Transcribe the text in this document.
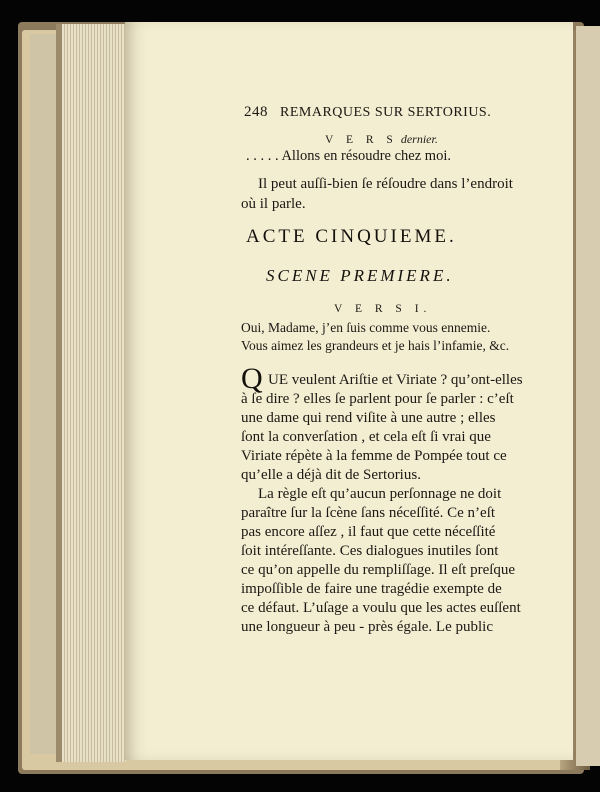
248 REMARQUES SUR SERTORIUS.
V E R S dernier.
. . . . . Allons en résoudre chez moi.
Il peut auſſi-bien ſe réſoudre dans l’endroit
où il parle.
ACTE CINQUIEME.
SCENE PREMIERE.
V E R S I.
Oui, Madame, j’en ſuis comme vous ennemie.
Vous aimez les grandeurs et je hais l’infamie, &c.
Q UE veulent Ariſtie et Viriate ? qu’ont-elles
à ſe dire ? elles ſe parlent pour ſe parler : c’eſt
une dame qui rend viſite à une autre ; elles
ſont la converſation , et cela eſt ſi vrai que
Viriate répète à la femme de Pompée tout ce
qu’elle a déjà dit de Sertorius.
La règle eſt qu’aucun perſonnage ne doit
paraître ſur la ſcène ſans néceſſité. Ce n’eſt
pas encore aſſez , il faut que cette néceſſité
ſoit intéreſſante. Ces dialogues inutiles ſont
ce qu’on appelle du rempliſſage. Il eſt preſque
impoſſible de faire une tragédie exempte de
ce défaut. L’uſage a voulu que les actes euſſent
une longueur à peu - près égale. Le public
